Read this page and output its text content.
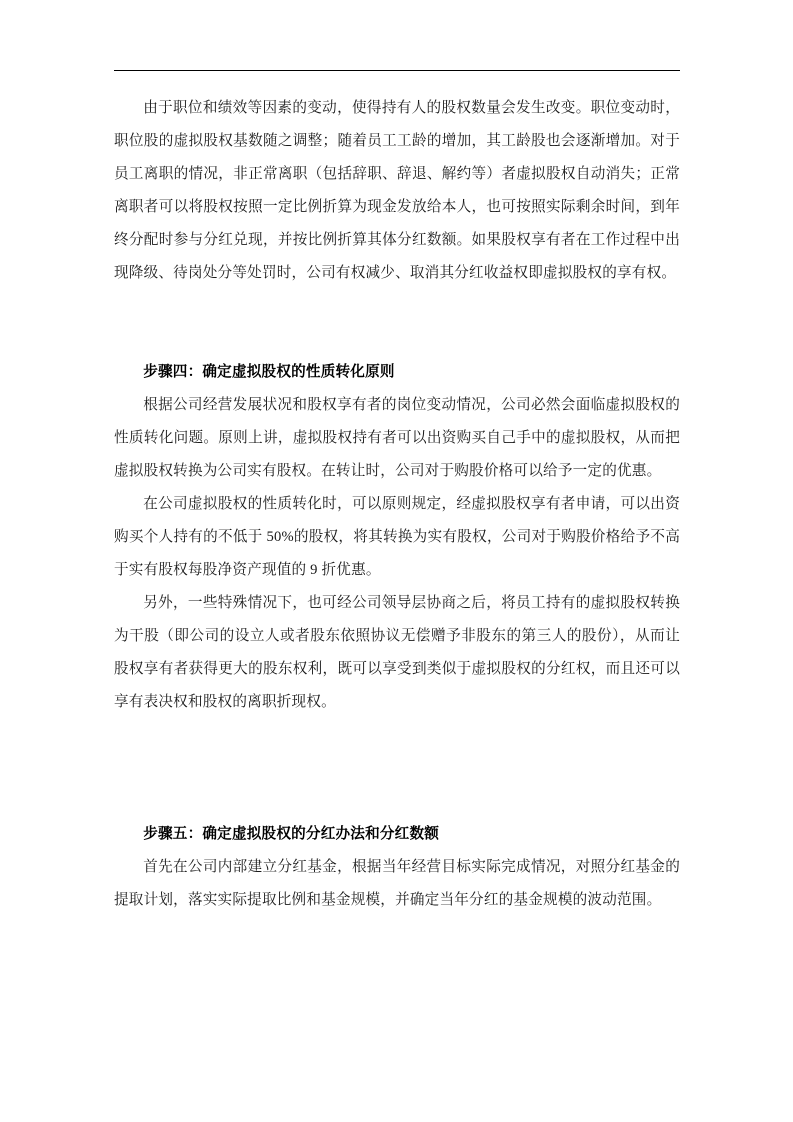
由于职位和绩效等因素的变动，使得持有人的股权数量会发生改变。职位变动时，职位股的虚拟股权基数随之调整；随着员工工龄的增加，其工龄股也会逐渐增加。对于员工离职的情况，非正常离职（包括辞职、辞退、解约等）者虚拟股权自动消失；正常离职者可以将股权按照一定比例折算为现金发放给本人，也可按照实际剩余时间，到年终分配时参与分红兑现，并按比例折算其体分红数额。如果股权享有者在工作过程中出现降级、待岗处分等处罚时，公司有权减少、取消其分红收益权即虚拟股权的享有权。

步骤四：确定虚拟股权的性质转化原则

根据公司经营发展状况和股权享有者的岗位变动情况，公司必然会面临虚拟股权的性质转化问题。原则上讲，虚拟股权持有者可以出资购买自己手中的虚拟股权，从而把虚拟股权转换为公司实有股权。在转让时，公司对于购股价格可以给予一定的优惠。

在公司虚拟股权的性质转化时，可以原则规定，经虚拟股权享有者申请，可以出资购买个人持有的不低于 50%的股权，将其转换为实有股权，公司对于购股价格给予不高于实有股权每股净资产现值的 9 折优惠。

另外，一些特殊情况下，也可经公司领导层协商之后，将员工持有的虚拟股权转换为干股（即公司的设立人或者股东依照协议无偿赠予非股东的第三人的股份），从而让股权享有者获得更大的股东权利，既可以享受到类似于虚拟股权的分红权，而且还可以享有表决权和股权的离职折现权。

步骤五：确定虚拟股权的分红办法和分红数额

首先在公司内部建立分红基金，根据当年经营目标实际完成情况，对照分红基金的提取计划，落实实际提取比例和基金规模，并确定当年分红的基金规模的波动范围。
